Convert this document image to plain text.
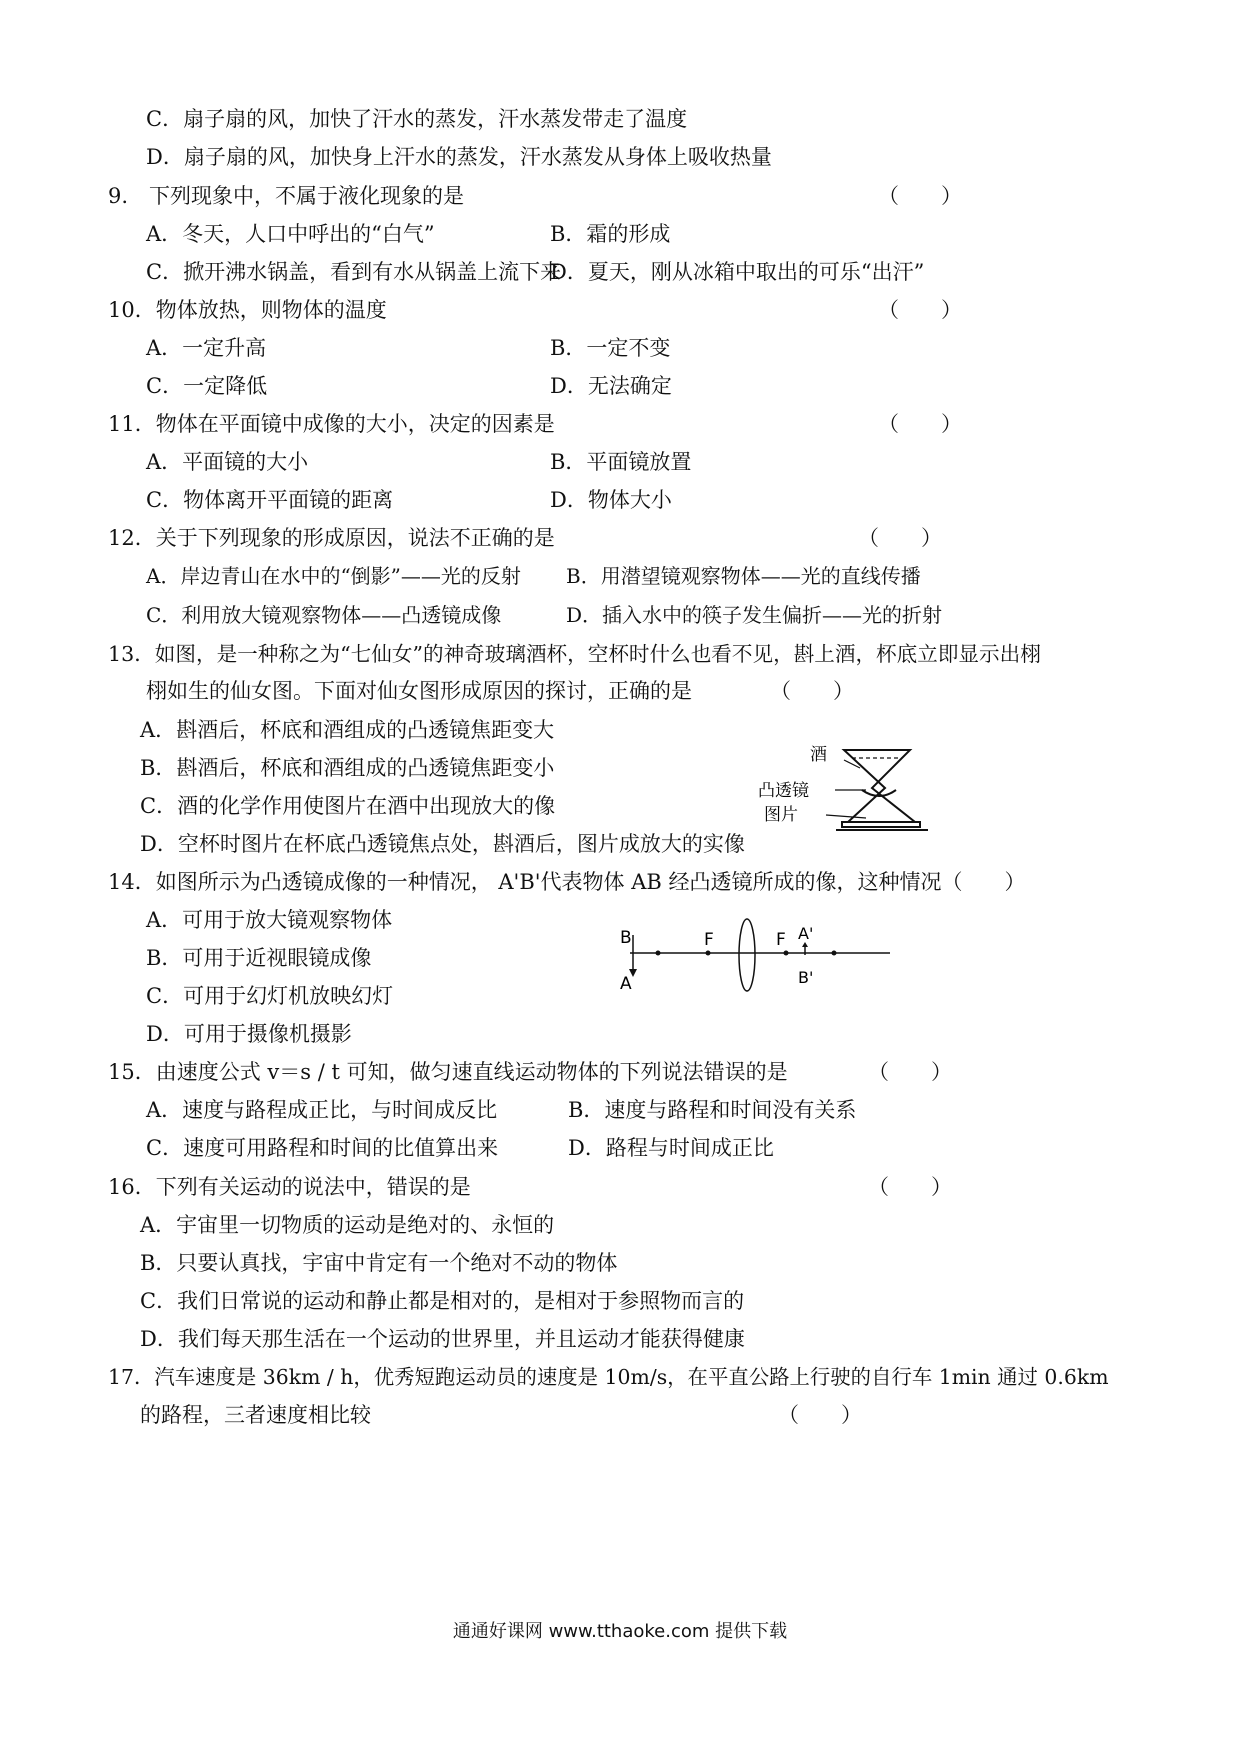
C．扇子扇的风，加快了汗水的蒸发，汗水蒸发带走了温度
D．扇子扇的风，加快身上汗水的蒸发，汗水蒸发从身体上吸收热量
9.　下列现象中，不属于液化现象的是	（　　）
A．冬天，人口中呼出的“白气”	B．霜的形成
C．掀开沸水锅盖，看到有水从锅盖上流下来
D．夏天，刚从冰箱中取出的可乐“出汗”
10．物体放热，则物体的温度	（　　）
A．一定升高	B．一定不变
C．一定降低	D．无法确定
11．物体在平面镜中成像的大小，决定的因素是	（　　）
A．平面镜的大小	B．平面镜放置
C．物体离开平面镜的距离	D．物体大小
12．关于下列现象的形成原因，说法不正确的是	（　　）
A．岸边青山在水中的“倒影”——光的反射 B．用潜望镜观察物体——光的直线传播
C．利用放大镜观察物体——凸透镜成像	D．插入水中的筷子发生偏折——光的折射
13．如图，是一种称之为“七仙女”的神奇玻璃酒杯，空杯时什么也看不见，斟上酒，杯底立即显示出栩
栩如生的仙女图。下面对仙女图形成原因的探讨，正确的是	（　　）
A．斟酒后，杯底和酒组成的凸透镜焦距变大
B．斟酒后，杯底和酒组成的凸透镜焦距变小
C．酒的化学作用使图片在酒中出现放大的像
D．空杯时图片在杯底凸透镜焦点处，斟酒后，图片成放大的实像
酒
凸透镜
图片
14．如图所示为凸透镜成像的一种情况， A'B'代表物体 AB 经凸透镜所成的像，这种情况（　　）
A．可用于放大镜观察物体
B．可用于近视眼镜成像
C．可用于幻灯机放映幻灯
D．可用于摄像机摄影
B
A
F	F A'
B'
15．由速度公式 v＝s / t 可知，做匀速直线运动物体的下列说法错误的是	（　　）
A．速度与路程成正比，与时间成反比	B．速度与路程和时间没有关系
C．速度可用路程和时间的比值算出来	D．路程与时间成正比
16．下列有关运动的说法中，错误的是	（　　）
A．宇宙里一切物质的运动是绝对的、永恒的
B．只要认真找，宇宙中肯定有一个绝对不动的物体
C．我们日常说的运动和静止都是相对的，是相对于参照物而言的
D．我们每天那生活在一个运动的世界里，并且运动才能获得健康
17．汽车速度是 36km / h，优秀短跑运动员的速度是 10m/s，在平直公路上行驶的自行车 1min 通过 0.6km
的路程，三者速度相比较	（　　）
通通好课网 www.tthaoke.com 提供下载
